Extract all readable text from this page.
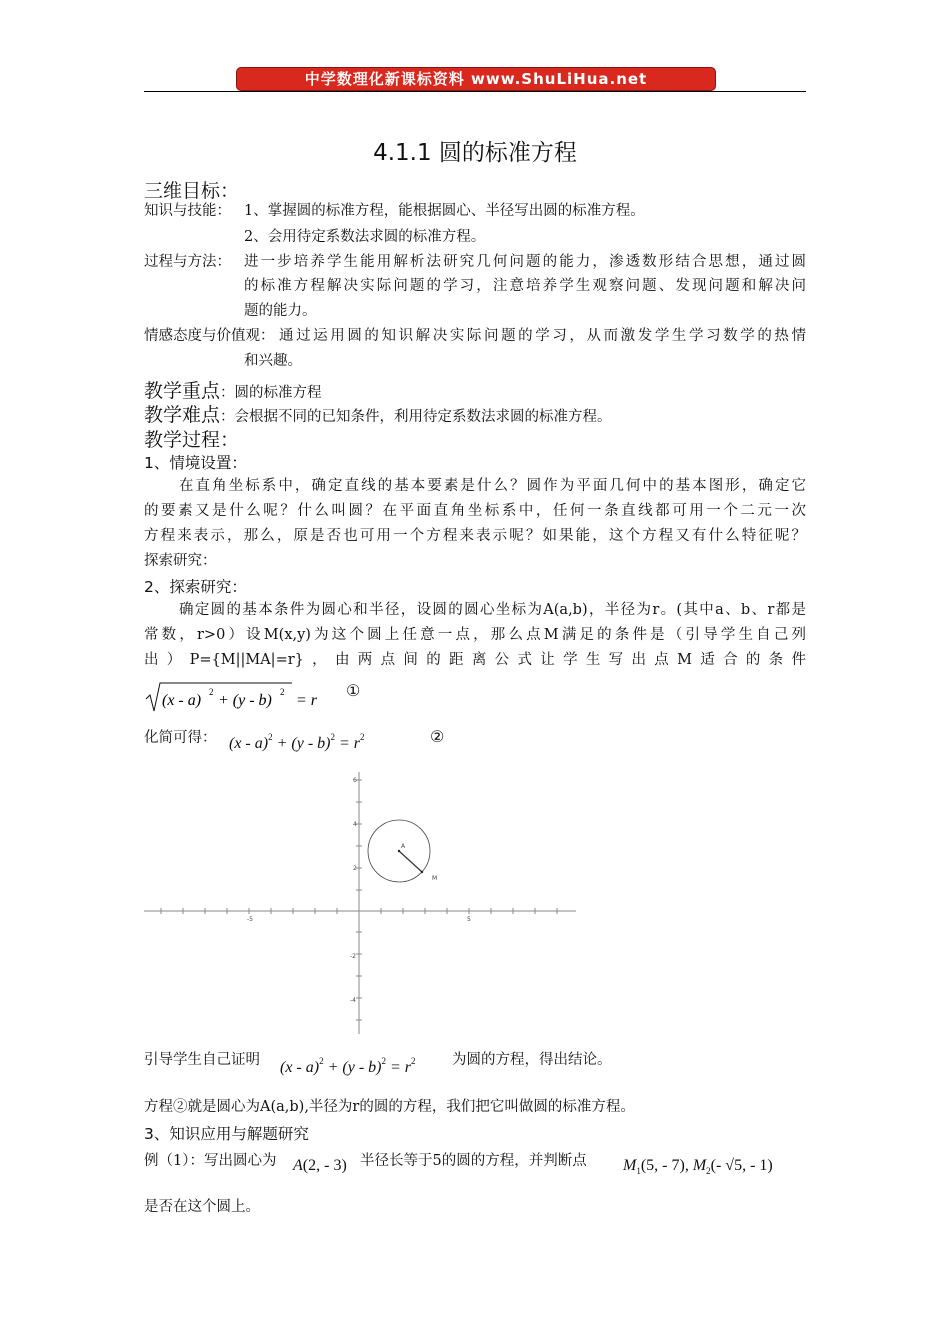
中学数理化新课标资料 www.ShuLiHua.net
4.1.1 圆的标准方程
三维目标：
知识与技能： 1、掌握圆的标准方程，能根据圆心、半径写出圆的标准方程。
2、会用待定系数法求圆的标准方程。
过程与方法： 进一步培养学生能用解析法研究几何问题的能力，渗透数形结合思想，通过圆
的标准方程解决实际问题的学习，注意培养学生观察问题、发现问题和解决问
题的能力。
情感态度与价值观： 通过运用圆的知识解决实际问题的学习，从而激发学生学习数学的热情
和兴趣。
教学重点：圆的标准方程
教学难点：会根据不同的已知条件，利用待定系数法求圆的标准方程。
教学过程：
1、情境设置：
在直角坐标系中，确定直线的基本要素是什么？圆作为平面几何中的基本图形，确定它
的要素又是什么呢？什么叫圆？在平面直角坐标系中，任何一条直线都可用一个二元一次
方程来表示，那么，原是否也可用一个方程来表示呢？如果能，这个方程又有什么特征呢？
探索研究：
2、探索研究：
确定圆的基本条件为圆心和半径，设圆的圆心坐标为A(a,b)，半径为r。(其中a、b、r都是
常数，r>0）设M(x,y)为这个圆上任意一点，那么点M满足的条件是（引导学生自己列
出）P={M||MA|=r}，由两点间的距离公式让学生写出点M适合的条件
(x - a) 2 + (y - b) 2 = r
①
化简可得： $(x - a)^2 + (y - b)^2 = r^2$	②
-5	5
6
4
2
-2
-4
A
M
引导学生自己证明 $(x - a)^2 + (y - b)^2 = r^2$	为圆的方程，得出结论。
方程②就是圆心为A(a,b),半径为r的圆的方程，我们把它叫做圆的标准方程。
3、知识应用与解题研究
例（1）：写出圆心为 A(2, - 3) 半径长等于5的圆的方程，并判断点 $M_1(5$, - 7), $M_2(-$ √5, - 1)
是否在这个圆上。
